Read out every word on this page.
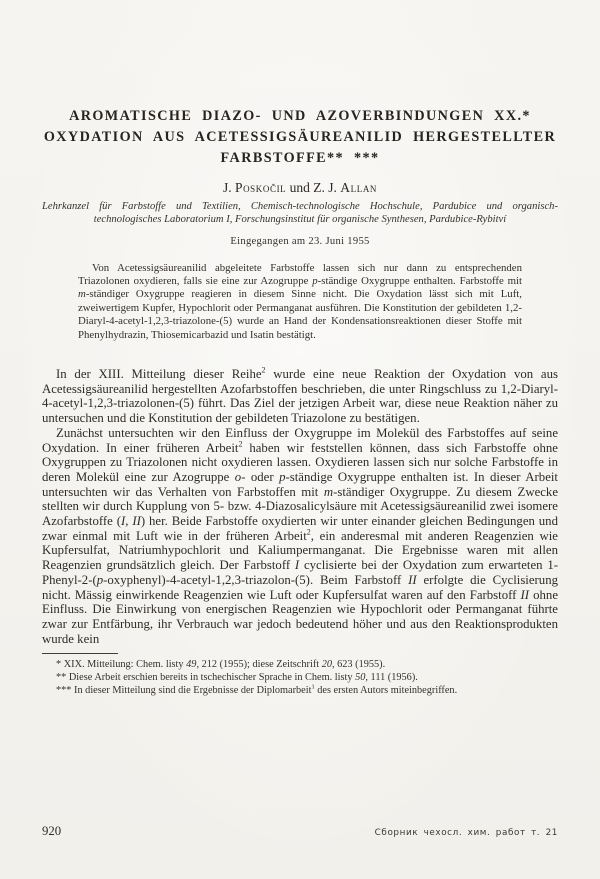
AROMATISCHE DIAZO- UND AZOVERBINDUNGEN XX.*
OXYDATION AUS ACETESSIGSÄUREANILID HERGESTELLTER
FARBSTOFFE** ***
J. Poskočil und Z. J. Allan
Lehrkanzel für Farbstoffe und Textilien, Chemisch-technologische Hochschule, Pardubice und organisch-technologisches Laboratorium I, Forschungsinstitut für organische Synthesen, Pardubice-Rybitví
Eingegangen am 23. Juni 1955
Von Acetessigsäureanilid abgeleitete Farbstoffe lassen sich nur dann zu entsprechenden Triazolonen oxydieren, falls sie eine zur Azogruppe p-ständige Oxygruppe enthalten. Farbstoffe mit m-ständiger Oxygruppe reagieren in diesem Sinne nicht. Die Oxydation lässt sich mit Luft, zweiwertigem Kupfer, Hypochlorit oder Permanganat ausführen. Die Konstitution der gebildeten 1,2-Diaryl-4-acetyl-1,2,3-triazolone-(5) wurde an Hand der Kondensationsreaktionen dieser Stoffe mit Phenylhydrazin, Thiosemicarbazid und Isatin bestätigt.
In der XIII. Mitteilung dieser Reihe$^2$ wurde eine neue Reaktion der Oxydation von aus Acetessigsäureanilid hergestellten Azofarbstoffen beschrieben, die unter Ringschluss zu 1,2-Diaryl-4-acetyl-1,2,3-triazolonen-(5) führt. Das Ziel der jetzigen Arbeit war, diese neue Reaktion näher zu untersuchen und die Konstitution der gebildeten Triazolone zu bestätigen.
Zunächst untersuchten wir den Einfluss der Oxygruppe im Molekül des Farbstoffes auf seine Oxydation. In einer früheren Arbeit$^2$ haben wir feststellen können, dass sich Farbstoffe ohne Oxygruppen zu Triazolonen nicht oxydieren lassen. Oxydieren lassen sich nur solche Farbstoffe in deren Molekül eine zur Azogruppe o- oder p-ständige Oxygruppe enthalten ist. In dieser Arbeit untersuchten wir das Verhalten von Farbstoffen mit m-ständiger Oxygruppe. Zu diesem Zwecke stellten wir durch Kupplung von 5- bzw. 4-Diazosalicylsäure mit Acetessigsäureanilid zwei isomere Azofarbstoffe (I, II) her. Beide Farbstoffe oxydierten wir unter einander gleichen Bedingungen und zwar einmal mit Luft wie in der früheren Arbeit$^2$, ein anderesmal mit anderen Reagenzien wie Kupfersulfat, Natriumhypochlorit und Kaliumpermanganat. Die Ergebnisse waren mit allen Reagenzien grundsätzlich gleich. Der Farbstoff I cyclisierte bei der Oxydation zum erwarteten 1-Phenyl-2-(p-oxyphenyl)-4-acetyl-1,2,3-triazolon-(5). Beim Farbstoff II erfolgte die Cyclisierung nicht. Mässig einwirkende Reagenzien wie Luft oder Kupfersulfat waren auf den Farbstoff II ohne Einfluss. Die Einwirkung von energischen Reagenzien wie Hypochlorit oder Permanganat führte zwar zur Entfärbung, ihr Verbrauch war jedoch bedeutend höher und aus den Reaktionsprodukten wurde kein
* XIX. Mitteilung: Chem. listy 49, 212 (1955); diese Zeitschrift 20, 623 (1955).
** Diese Arbeit erschien bereits in tschechischer Sprache in Chem. listy 50, 111 (1956).
*** In dieser Mitteilung sind die Ergebnisse der Diplomarbeit$^1$ des ersten Autors miteinbegriffen.
920	Сборник чехосл. хим. работ т. 21
